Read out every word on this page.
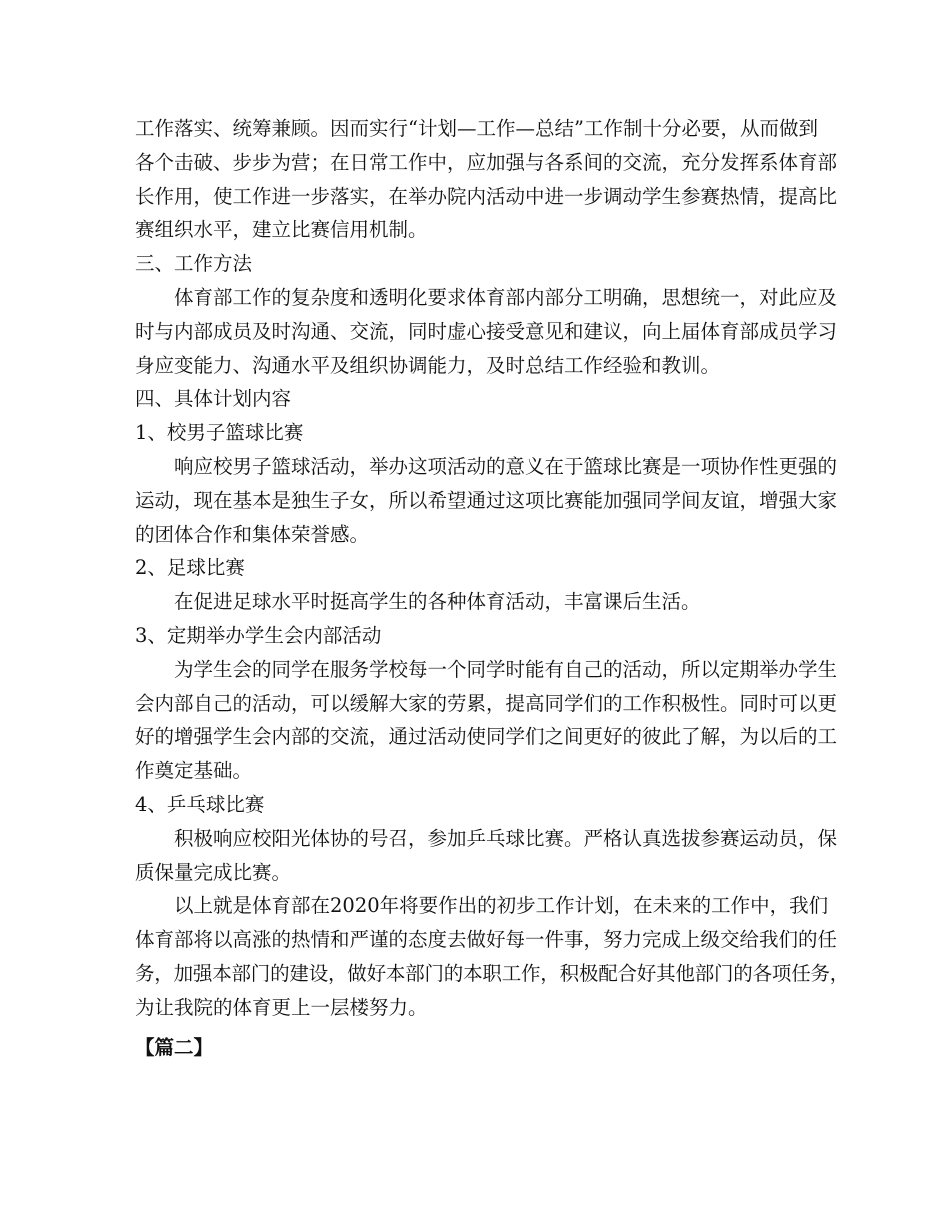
工作落实、统筹兼顾。因而实行“计划—工作—总结”工作制十分必要，从而做到
各个击破、步步为营；在日常工作中，应加强与各系间的交流，充分发挥系体育部
长作用，使工作进一步落实，在举办院内活动中进一步调动学生参赛热情，提高比
赛组织水平，建立比赛信用机制。

三、工作方法

体育部工作的复杂度和透明化要求体育部内部分工明确，思想统一，对此应及
时与内部成员及时沟通、交流，同时虚心接受意见和建议，向上届体育部成员学习
身应变能力、沟通水平及组织协调能力，及时总结工作经验和教训。

四、具体计划内容

1、校男子篮球比赛

响应校男子篮球活动，举办这项活动的意义在于篮球比赛是一项协作性更强的
运动，现在基本是独生子女，所以希望通过这项比赛能加强同学间友谊，增强大家
的团体合作和集体荣誉感。

2、足球比赛

在促进足球水平时挺高学生的各种体育活动，丰富课后生活。

3、定期举办学生会内部活动

为学生会的同学在服务学校每一个同学时能有自己的活动，所以定期举办学生
会内部自己的活动，可以缓解大家的劳累，提高同学们的工作积极性。同时可以更
好的增强学生会内部的交流，通过活动使同学们之间更好的彼此了解，为以后的工
作奠定基础。

4、乒乓球比赛

积极响应校阳光体协的号召，参加乒乓球比赛。严格认真选拔参赛运动员，保
质保量完成比赛。

以上就是体育部在2020年将要作出的初步工作计划，在未来的工作中，我们
体育部将以高涨的热情和严谨的态度去做好每一件事，努力完成上级交给我们的任
务，加强本部门的建设，做好本部门的本职工作，积极配合好其他部门的各项任务，
为让我院的体育更上一层楼努力。

【篇二】
